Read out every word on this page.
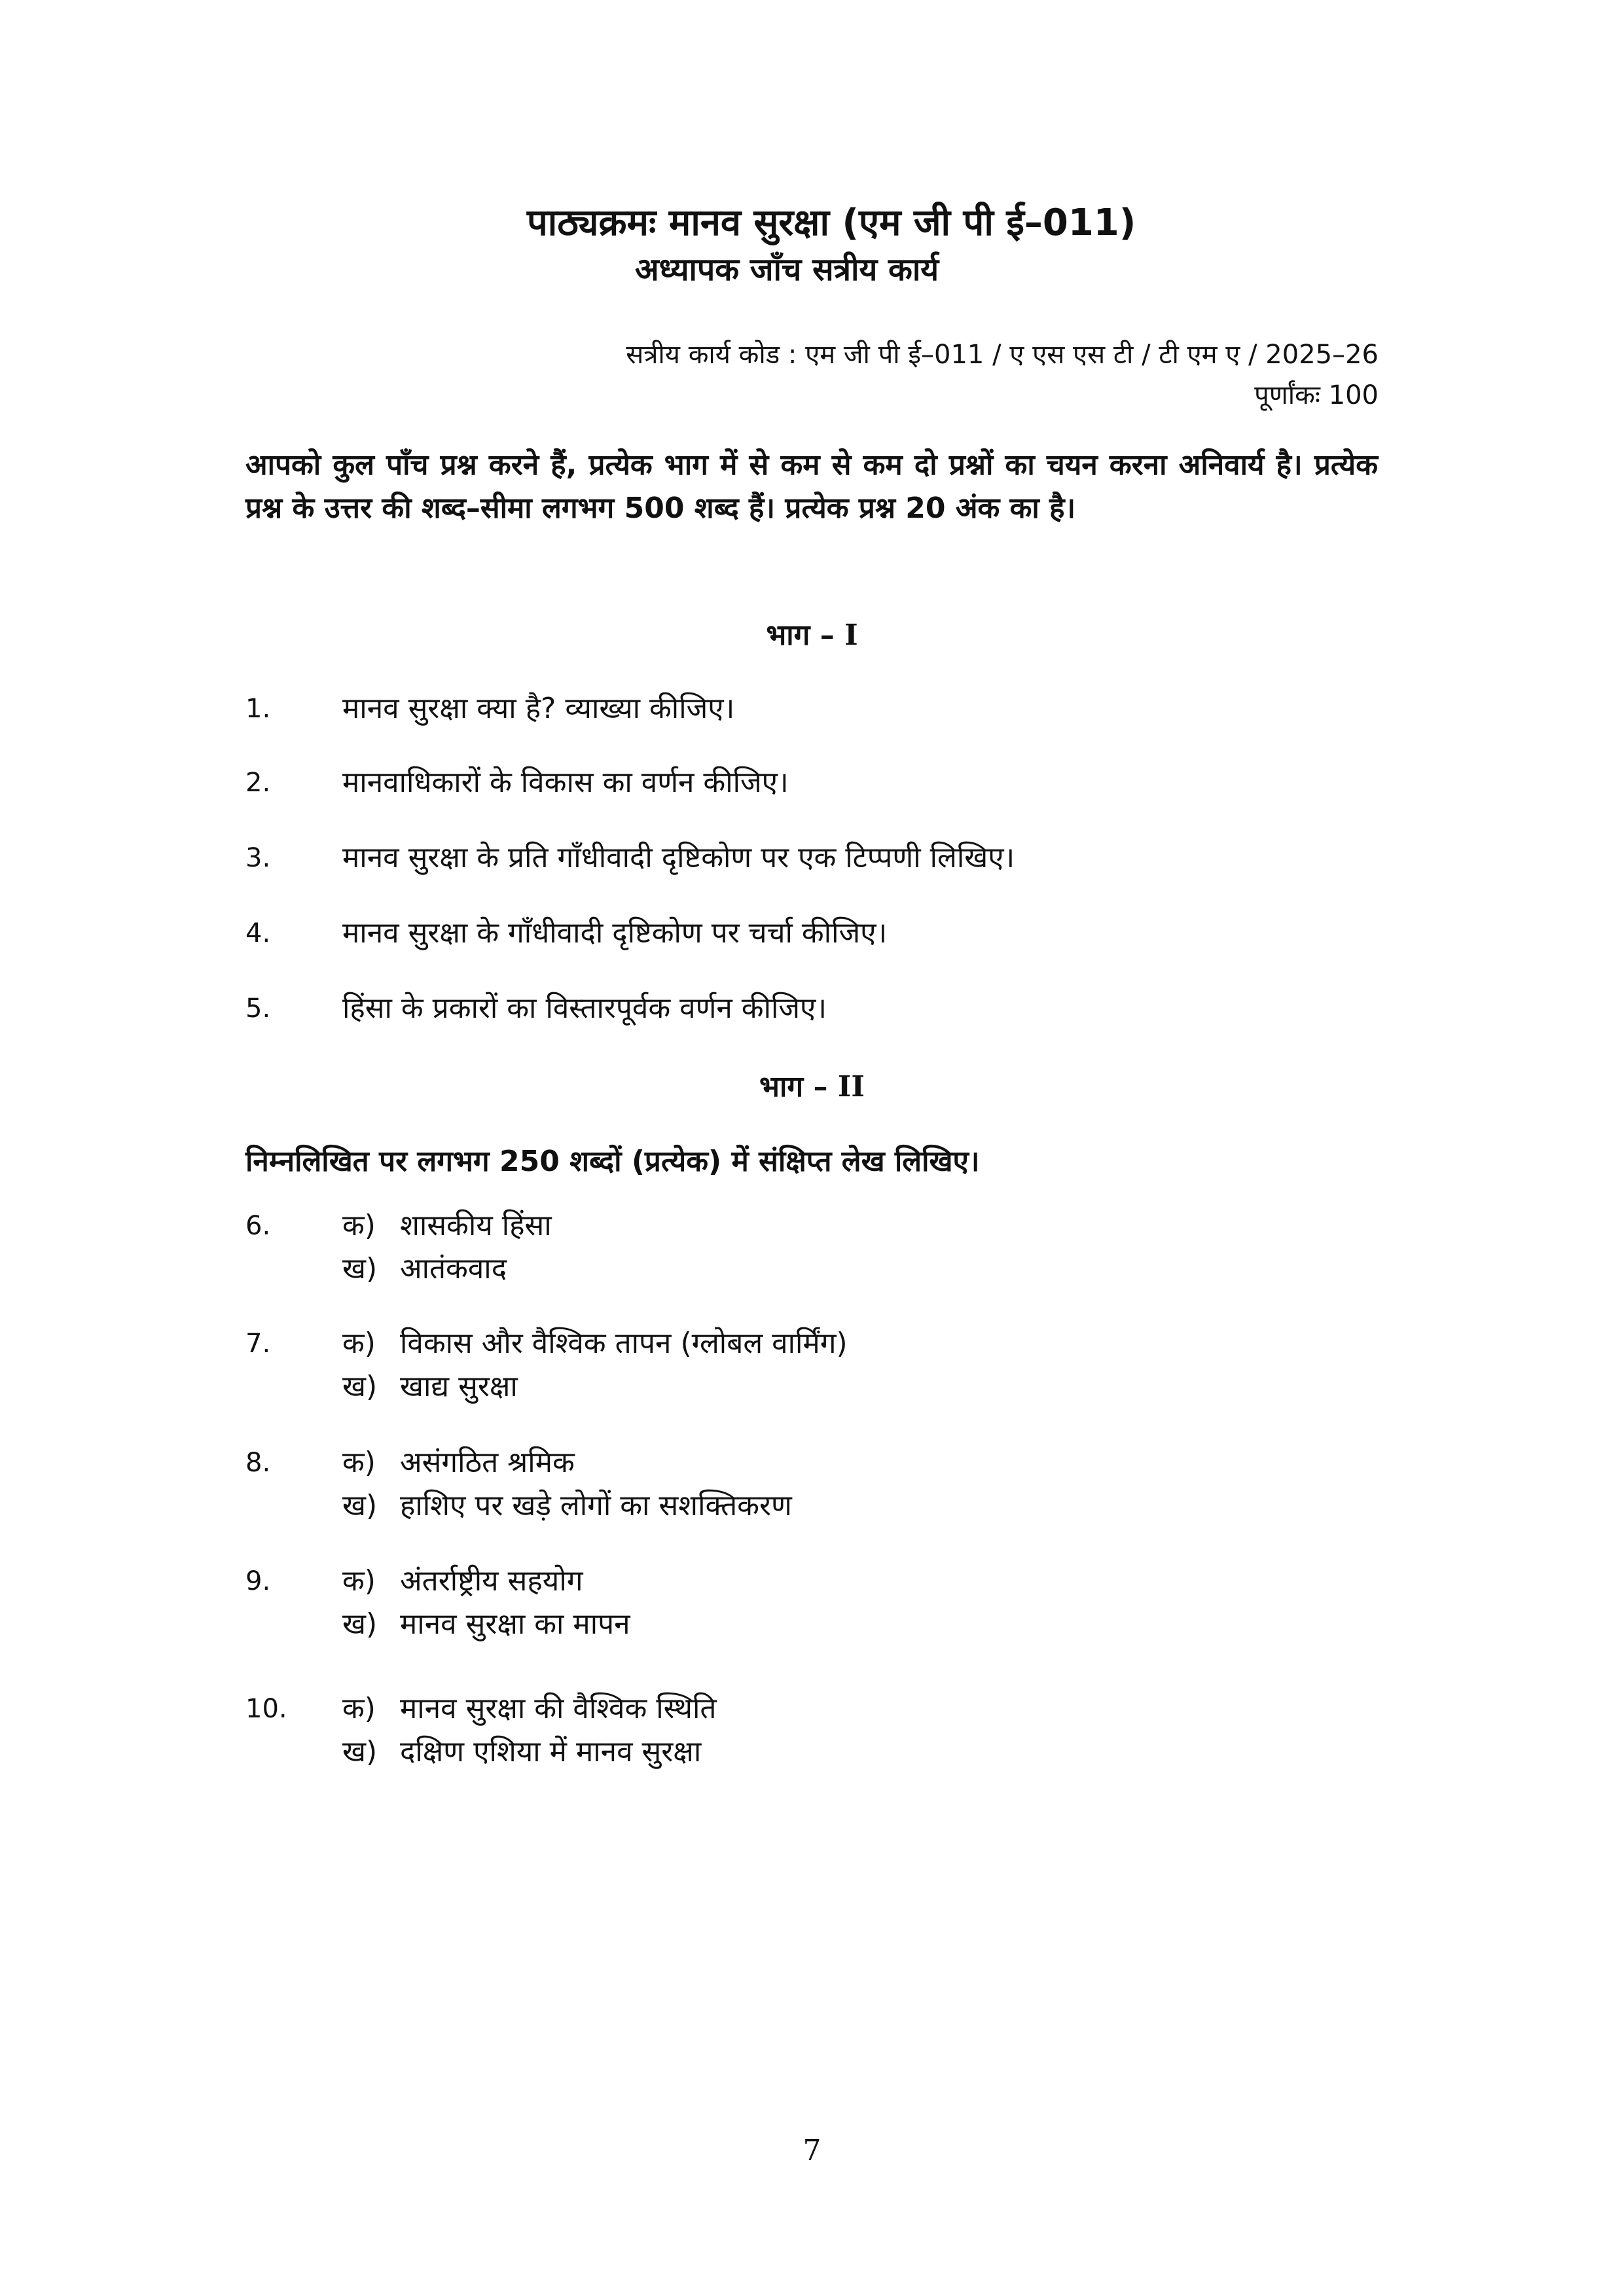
पाठ्यक्रमः मानव सुरक्षा (एम जी पी ई–011)
अध्यापक जाँच सत्रीय कार्य
सत्रीय कार्य कोड : एम जी पी ई–011 / ए एस एस टी / टी एम ए / 2025–26
पूर्णांकः 100
आपको कुल पाँच प्रश्न करने हैं, प्रत्येक भाग में से कम से कम दो प्रश्नों का चयन करना अनिवार्य है। प्रत्येक प्रश्न के उत्तर की शब्द–सीमा लगभग 500 शब्द हैं। प्रत्येक प्रश्न 20 अंक का है।
भाग – I
1. मानव सुरक्षा क्या है? व्याख्या कीजिए।
2. मानवाधिकारों के विकास का वर्णन कीजिए।
3. मानव सुरक्षा के प्रति गाँधीवादी दृष्टिकोण पर एक टिप्पणी लिखिए।
4. मानव सुरक्षा के गाँधीवादी दृष्टिकोण पर चर्चा कीजिए।
5. हिंसा के प्रकारों का विस्तारपूर्वक वर्णन कीजिए।
भाग – II
निम्नलिखित पर लगभग 250 शब्दों (प्रत्येक) में संक्षिप्त लेख लिखिए।
6. क) शासकीय हिंसा
ख) आतंकवाद
7. क) विकास और वैश्विक तापन (ग्लोबल वार्मिंग)
ख) खाद्य सुरक्षा
8. क) असंगठित श्रमिक
ख) हाशिए पर खड़े लोगों का सशक्तिकरण
9. क) अंतर्राष्ट्रीय सहयोग
ख) मानव सुरक्षा का मापन
10. क) मानव सुरक्षा की वैश्विक स्थिति
ख) दक्षिण एशिया में मानव सुरक्षा
7
